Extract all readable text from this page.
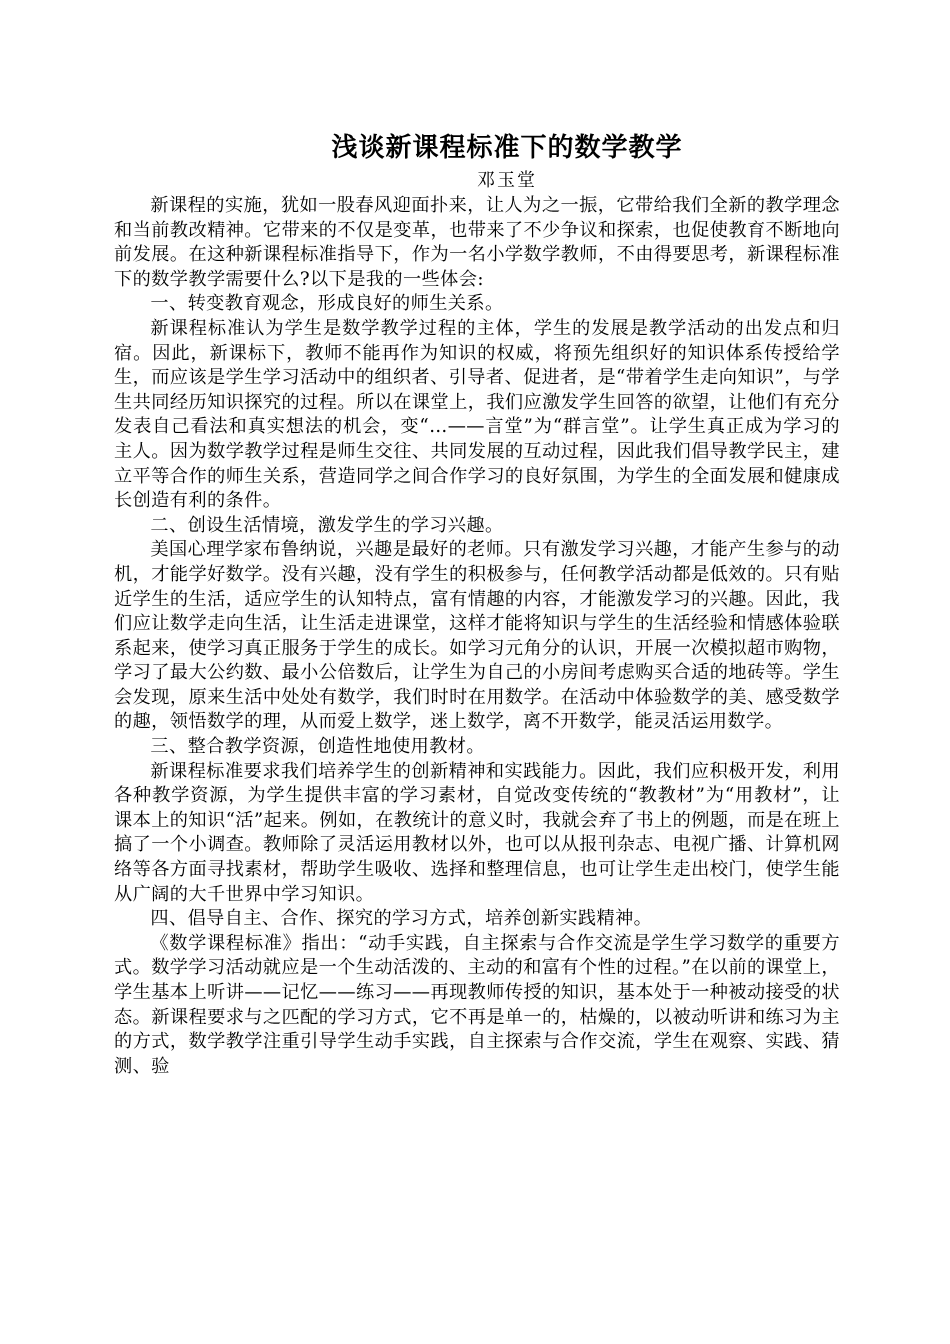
浅谈新课程标准下的数学教学
邓玉堂

新课程的实施，犹如一股春风迎面扑来，让人为之一振，它带给我们全新的教学理念和当前教改精神。它带来的不仅是变革，也带来了不少争议和探索，也促使教育不断地向前发展。在这种新课程标准指导下，作为一名小学数学教师，不由得要思考，新课程标准下的数学教学需要什么?以下是我的一些体会:

一、转变教育观念，形成良好的师生关系。

新课程标准认为学生是数学教学过程的主体，学生的发展是教学活动的出发点和归宿。因此，新课标下，教师不能再作为知识的权威，将预先组织好的知识体系传授给学生，而应该是学生学习活动中的组织者、引导者、促进者，是“带着学生走向知识”，与学生共同经历知识探究的过程。所以在课堂上，我们应激发学生回答的欲望，让他们有充分发表自己看法和真实想法的机会，变“…——言堂”为“群言堂”。让学生真正成为学习的主人。因为数学教学过程是师生交往、共同发展的互动过程，因此我们倡导教学民主，建立平等合作的师生关系，营造同学之间合作学习的良好氛围，为学生的全面发展和健康成长创造有利的条件。

二、创设生活情境，激发学生的学习兴趣。

美国心理学家布鲁纳说，兴趣是最好的老师。只有激发学习兴趣，才能产生参与的动机，才能学好数学。没有兴趣，没有学生的积极参与，任何教学活动都是低效的。只有贴近学生的生活，适应学生的认知特点，富有情趣的内容，才能激发学习的兴趣。因此，我们应让数学走向生活，让生活走进课堂，这样才能将知识与学生的生活经验和情感体验联系起来，使学习真正服务于学生的成长。如学习元角分的认识，开展一次模拟超市购物，学习了最大公约数、最小公倍数后，让学生为自己的小房间考虑购买合适的地砖等。学生会发现，原来生活中处处有数学，我们时时在用数学。在活动中体验数学的美、感受数学的趣，领悟数学的理，从而爱上数学，迷上数学，离不开数学，能灵活运用数学。

三、整合教学资源，创造性地使用教材。

新课程标准要求我们培养学生的创新精神和实践能力。因此，我们应积极开发，利用各种教学资源，为学生提供丰富的学习素材，自觉改变传统的“教教材”为“用教材”，让课本上的知识“活”起来。例如，在教统计的意义时，我就会弃了书上的例题，而是在班上搞了一个小调查。教师除了灵活运用教材以外，也可以从报刊杂志、电视广播、计算机网络等各方面寻找素材，帮助学生吸收、选择和整理信息，也可让学生走出校门，使学生能从广阔的大千世界中学习知识。

四、倡导自主、合作、探究的学习方式，培养创新实践精神。

《数学课程标准》指出：“动手实践，自主探索与合作交流是学生学习数学的重要方式。数学学习活动就应是一个生动活泼的、主动的和富有个性的过程。”在以前的课堂上，学生基本上听讲——记忆——练习——再现教师传授的知识，基本处于一种被动接受的状态。新课程要求与之匹配的学习方式，它不再是单一的，枯燥的，以被动听讲和练习为主的方式，数学教学注重引导学生动手实践，自主探索与合作交流，学生在观察、实践、猜测、验
